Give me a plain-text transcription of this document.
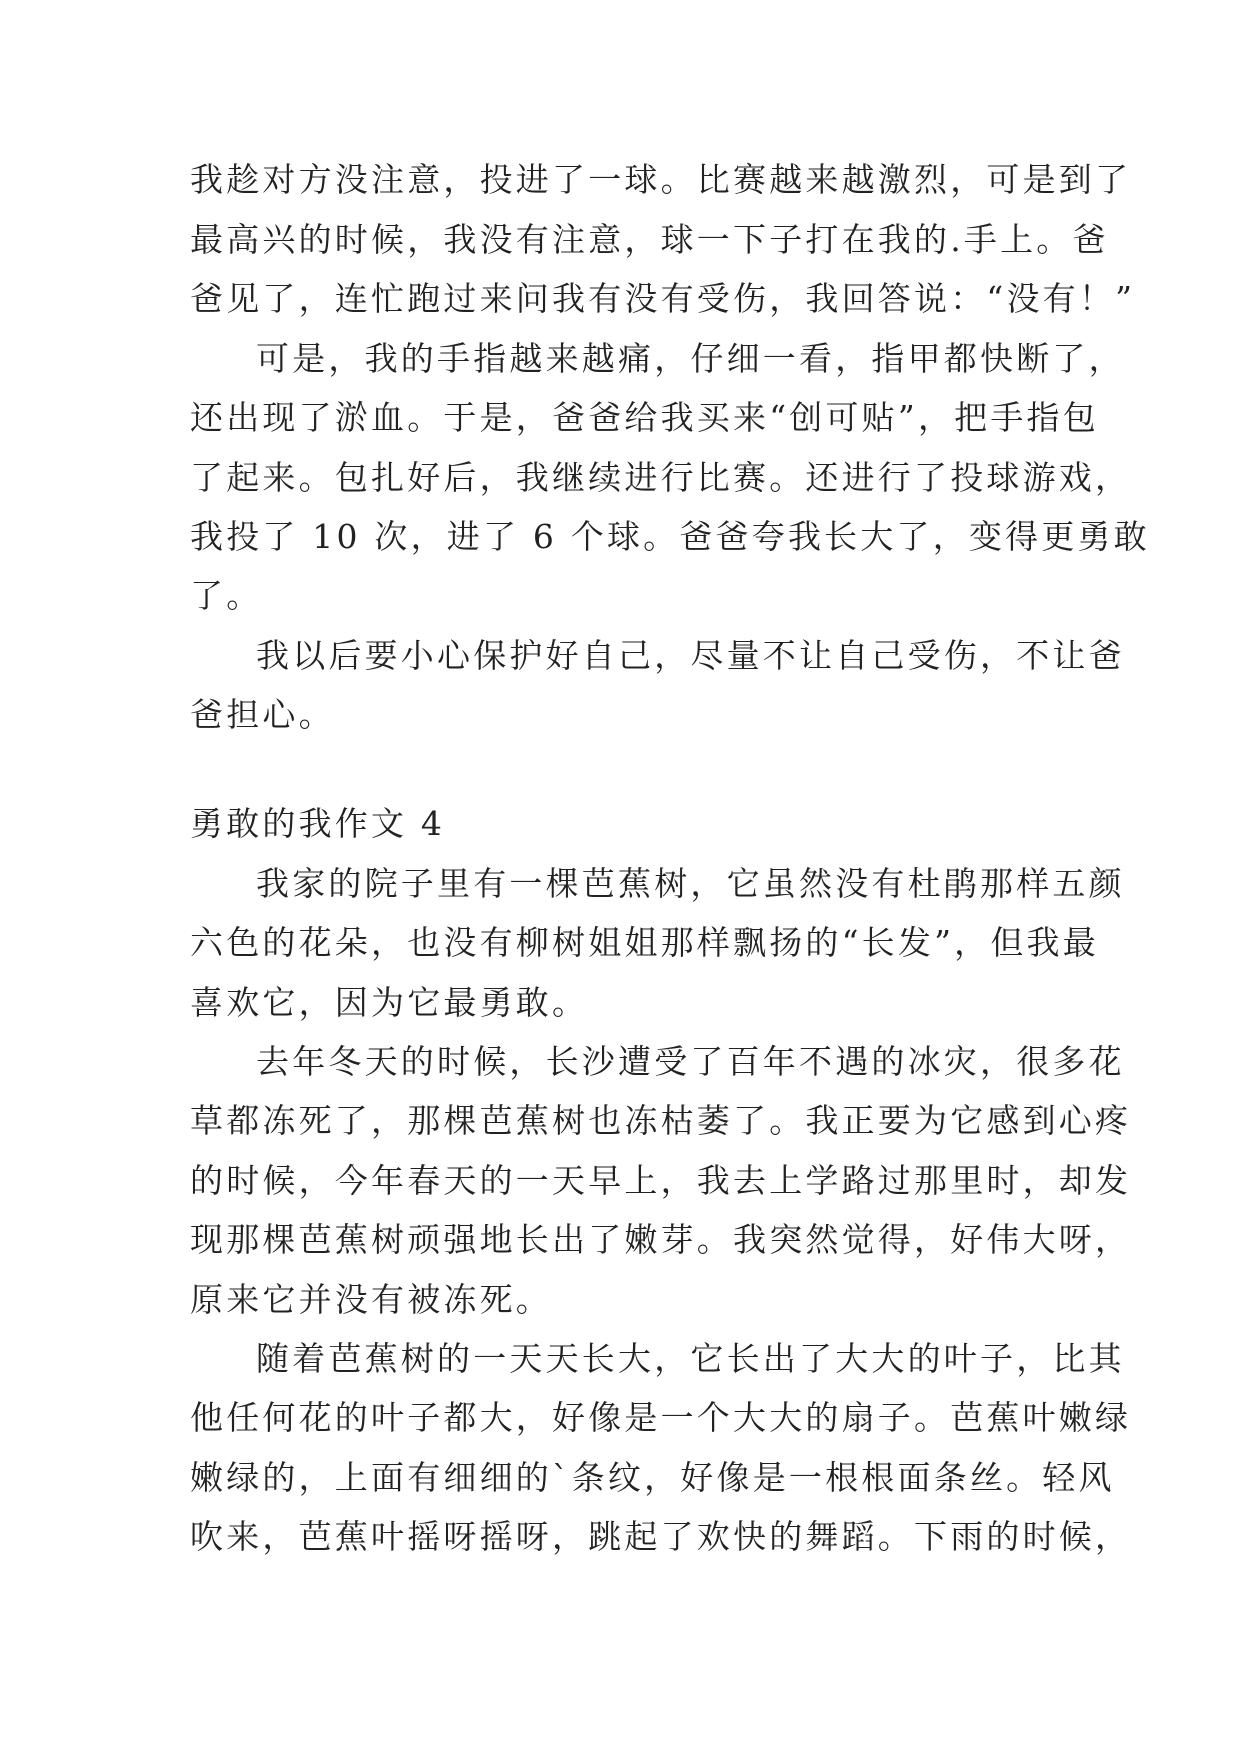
我趁对方没注意，投进了一球。比赛越来越激烈，可是到了
最高兴的时候，我没有注意，球一下子打在我的.手上。爸
爸见了，连忙跑过来问我有没有受伤，我回答说：“没有！”
可是，我的手指越来越痛，仔细一看，指甲都快断了，
还出现了淤血。于是，爸爸给我买来“创可贴”，把手指包
了起来。包扎好后，我继续进行比赛。还进行了投球游戏，
我投了 10 次，进了 6 个球。爸爸夸我长大了，变得更勇敢
了。
我以后要小心保护好自己，尽量不让自己受伤，不让爸
爸担心。
勇敢的我作文 4
我家的院子里有一棵芭蕉树，它虽然没有杜鹃那样五颜
六色的花朵，也没有柳树姐姐那样飘扬的“长发”，但我最
喜欢它，因为它最勇敢。
去年冬天的时候，长沙遭受了百年不遇的冰灾，很多花
草都冻死了，那棵芭蕉树也冻枯萎了。我正要为它感到心疼
的时候，今年春天的一天早上，我去上学路过那里时，却发
现那棵芭蕉树顽强地长出了嫩芽。我突然觉得，好伟大呀，
原来它并没有被冻死。
随着芭蕉树的一天天长大，它长出了大大的叶子，比其
他任何花的叶子都大，好像是一个大大的扇子。芭蕉叶嫩绿
嫩绿的，上面有细细的`条纹，好像是一根根面条丝。轻风
吹来，芭蕉叶摇呀摇呀，跳起了欢快的舞蹈。下雨的时候，
